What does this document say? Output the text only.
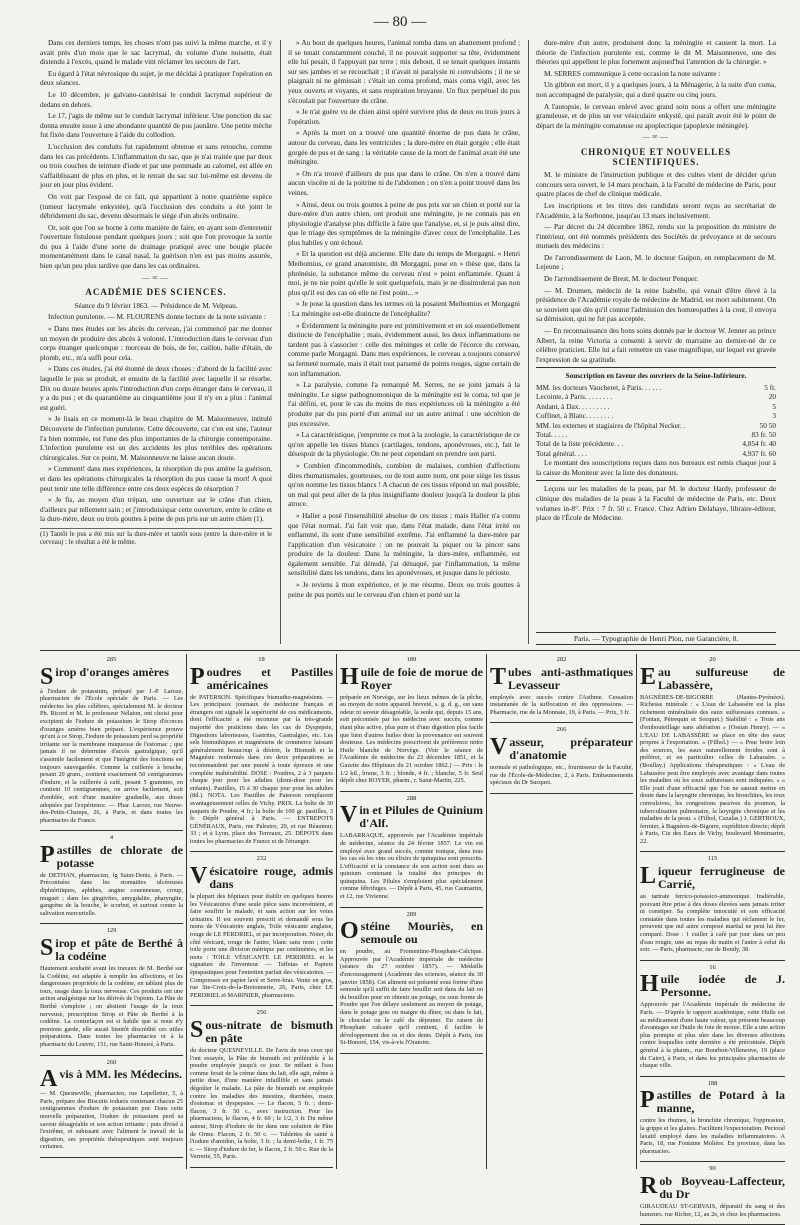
— 80 —

Dans ces derniers temps, les choses n'ont pas suivi la même marche, et il y avait près d'un mois que le sac lacrymal, du volume d'une noisette, était distendu à l'excès, quand le malade vint réclamer les secours de l'art.

Eu égard à l'état névrosique du sujet, je me décidai à pratiquer l'opération en deux séances.

Le 10 décembre, je galvano-cautérisai le conduit lacrymal supérieur de dedans en dehors.

Le 17, j'agis de même sur le conduit lacrymal inférieur. Une ponction du sac donna ensuite issue à une abondante quantité de pus jaunâtre. Une petite mèche fut fixée dans l'ouverture à l'aide du collodion.

L'occlusion des conduits fut rapidement obtenue et sans retouche, comme dans les cas précédents. L'inflammation du sac, que je n'ai traitée que par deux ou trois couches de teinture d'iode et par une pommade au calomel, est allée en s'affaiblissant de plus en plus, et le retrait du sac sur lui-même est devenu de jour en jour plus évident.

On voit par l'exposé de ce fait, qui appartient à notre quatrième espèce (tumeur lacrymale enkystée), qu'à l'occlusion des conduits a été joint le débridement du sac, devenu désormais le siège d'un abcès ordinaire.

Or, soit que l'on se borne à cette manière de faire, en ayant soin d'entretenir l'ouverture fistuleuse pendant quelques jours ; soit que l'on provoque la sortie du pus à l'aide d'une sorte de drainage pratiqué avec une bougie placée momentanément dans le canal nasal, la guérison n'en est pas moins assurée, bien qu'un peu plus tardive que dans les cas ordinaires.

—∞—
ACADÉMIE DES SCIENCES.

Séance du 9 février 1863. — Présidence de M. Velpeau.

Infection purulente. — M. FLOURENS donne lecture de la note suivante :

« Dans mes études sur les abcès du cerveau, j'ai commencé par me donner un moyen de produire des abcès à volonté. L'introduction dans le cerveau d'un corps étranger quelconque : morceau de bois, de fer, caillou, balle d'étain, de plomb, etc., m'a suffi pour cela.

» Dans ces études, j'ai été étonné de deux choses : d'abord de la facilité avec laquelle le pus se produit, et ensuite de la facilité avec laquelle il se résorbe. Dix ou douze heures après l'introduction d'un corps étranger dans le cerveau, il y a du pus ; et du quarantième au cinquantième jour il n'y en a plus : l'animal est guéri.

» Je lisais en ce moment-là le beau chapitre de M. Maisonneuve, intitulé Découverte de l'infection purulente. Cette découverte, car c'en est une, l'auteur l'a bien nommée, est l'une des plus importantes de la chirurgie contemporaine. L'infection purulente est un des accidents les plus terribles des opérations chirurgicales. Sur ce point, M. Maisonneuve ne laisse aucun doute.

» Comment! dans mes expériences, la résorption du pus amène la guérison, et dans les opérations chirurgicales la résorption du pus cause la mort! A quoi peut tenir une telle différence entre ces deux espèces de résorption ?

» Je fis, au moyen d'un trépan, une ouverture sur le crâne d'un chien, d'ailleurs par tellement sain ; et j'introduisispar cette ouverture, entre le crâne et la dure-mère, deux ou trois gouttes à peine de pus pris sur un autre chien (1).

(1) Tantôt le pus a été mis sur la dure-mère et tantôt sous (entre la dure-mère et le cerveau) : le résultat a été le même.

» Au bout de quelques heures, l'animal tomba dans un abattement profond ; il se tenait constamment couché, il ne pouvait supporter sa tête, évidemment elle lui pesait, il l'appuyait par terre ; mis debout, il se tenait quelques instants sur ses jambes et se recouchait ; il n'avait ni paralysie ni convulsions ; il ne se plaignait ni ne gémissait : c'était un coma profond, mais coma vigil, avec les yeux ouverts et voyants, et sans respiration bruyante. Un flux perpétuel du pus s'écoulait par l'ouverture du crâne.

» Je n'ai guère vu de chien ainsi opéré survivre plus de deux ou trois jours à l'opération.

» Après la mort on a trouvé une quantité énorme de pus dans le crâne, autour du cerveau, dans les ventricules ; la dure-mère en était gorgée ; elle était gorgée de pus et de sang : la véritable cause de la mort de l'animal avait été une méningite.

» On n'a trouvé d'ailleurs de pus que dans le crâne. On n'en a trouvé dans aucun viscère ni de la poitrine ni de l'abdomen ; on n'en a point trouvé dans les veines.

» Ainsi, deux ou trois gouttes à peine de pus pris sur un chien et porté sur la dure-mère d'un autre chien, ont produit une méningite, je ne connais pas en physiologie d'analyse plus difficile à faire que l'analyse, et, si je puis ainsi dire, que le triage des symptômes de la méningite d'avec ceux de l'encéphalite. Les plus habiles y ont échoué.

» Et la question est déjà ancienne. Elle date du temps de Morgagni. « Henri Meibomius, ce grand anatomiste, dit Morgagni, pose en » thèse que, dans la phrénésie, la substance même du cerveau n'est » point enflammée. Quant à moi, je ne nie point qu'elle le soit quelquefois, mais je ne dissimulerai pas non plus qu'il est des cas où elle ne l'est point... »

» Je pose la question dans les termes où la posaient Meibomius et Morgagni : La méningite est-elle distincte de l'encéphalite?

» Évidemment la méningite pure est primitivement et en soi essentiellement distincte de l'encéphalite ; mais, évidemment aussi, les deux inflammations ne tardent pas à s'associer : celle des méninges et celle de l'écorce du cerveau, comme parle Morgagni. Dans mes expériences, le cerveau a toujours conservé sa fermeté normale, mais il était tout parsemé de points rouges, signe certain de son inflammation.

» La paralysie, comme l'a remarqué M. Serres, ne se joint jamais à la méningite. Le signe pathognomonique de la méningite est le coma, tel que je l'ai défini, et, pour le cas du moins de mes expériences où la méningite a été produite par du pus porté d'un animal sur un autre animal : une sécrétion de pus excessive.

» La caractéristique, j'emprunte ce mot à la zoologie, la caractéristique de ce qu'on appelle les tissus blancs (cartilages, tendons, aponévroses, etc.), fait le désespoir de la physiologie. On ne peut cependant en prendre son parti.

» Combien d'incommodités, combien de malaises, combien d'affections dites rhumatismales, goutteuses, ou de tout autre nom, ont pour siège les tissus qu'on nomme les tissus blancs ! A chacun de ces tissus répond un mal possible, un mal qui peut aller de la plus insignifiante douleur jusqu'à la douleur la plus atroce.

» Haller a posé l'insensibilité absolue de ces tissus ; mais Haller n'a connu que l'état normal. J'ai fait voir que, dans l'état malade, dans l'état irrité ou enflammé, ils sont d'une sensibilité extrême. J'ai enflammé la dure-mère par l'application d'un vésicatoire : on ne pouvait la piquer ou la pincer sans produire de la douleur. Dans la méningite, la dure-mère, enflammée, est également sensible. J'ai dénudé, j'ai dénaqué, par l'inflammation, la même sensibilité dans les tendons, dans les aponévroses, et jusque dans le périoste.

» Je reviens à mon expérience, et je me résume. Deux ou trois gouttes à peine de pus portés sur le cerveau d'un chien et porté sur la

dure-mère d'un autre, produisent donc la méningite et causent la mort. La théorie de l'infection purulente est, comme le dit M. Maisonneuve, une des théories qui appellent le plus fortement aujourd'hui l'attention de la chirurgie. »

M. SERRES communique à cette occasion la note suivante :

Un gibbon est mort, il y a quelques jours, à la Ménagerie, à la suite d'un coma, non accompagné de paralysie, qui a duré quatre ou cinq jours.

A l'autopsie, le cerveau enlevé avec grand soin nous a offert une méningite granuleuse, et de plus un ver vésiculaire enkysté, qui paraît avoir été le point de départ de la méningite comateuse ou apoplectique (apoplexie méningée).

—∞—
CHRONIQUE ET NOUVELLES SCIENTIFIQUES.

M. le ministre de l'instruction publique et des cultes vient de décider qu'un concours sera ouvert, le 14 mars prochain, à la Faculté de médecine de Paris, pour quatre places de chef de clinique médicale.

Les inscriptions et les titres des candidats seront reçus au secrétariat de l'Académie, à la Sorbonne, jusqu'au 13 mars inclusivement.

— Par décret du 24 décembre 1862, rendu sur la proposition du ministre de l'intérieur, ont été nommés présidents des Sociétés de prévoyance et de secours mutuels des médecins :

De l'arrondissement de Laon, M. le docteur Guipon, en remplacement de M. Lejeune ;

De l'arrondissement de Brest, M. le docteur Penquer.

— M. Drumen, médecin de la reine Isabelle, qui venait d'être élevé à la présidence de l'Académie royale de médecine de Madrid, est mort subitement. On se souvient que dès qu'il connut l'admission des homœopathes à la cour, il envoya sa démission, qui ne fut pas acceptée.

— En reconnaissance des bons soins donnés par le docteur W. Jenner au prince Albert, la reine Victoria a consenti à servir de marraine au dernier-né de ce célèbre praticien. Elle lui a fait remettre un vase magnifique, sur lequel est gravée l'expression de sa gratitude.

Souscription en faveur des ouvriers de la Seine-Inférieure.

MM. les docteurs Vaucheret, à Paris. . . . . .	5 fr.
Lecointe, à Paris. . . . . . . .	20
Andant, à Dax. . . . . . . . .	5
Coffinet, à Blanc. . . . . . . .	3
MM. les externes et stagiaires de l'hôpital Necker. .	50 50
Total. . . . .	83 fr. 50
Total de la liste précédente. . .	4,854 fr. 40
Total général. . . .	4,937 fr. 60

Le montant des souscriptions reçues dans nos bureaux est remis chaque jour à la caisse du Moniteur avec la liste des donateurs.

Leçons sur les maladies de la peau, par M. le docteur Hardy, professeur de clinique des maladies de la peau à la Faculté de médecine de Paris, etc. Deux volumes in-8°. Prix : 7 fr. 50 c. France. Chez Adrien Delahaye, libraire-éditeur, place de l'École de Médecine.

Paris. — Typographie de Henri Plon, rue Garancière, 8.
285
Sirop d'oranges amères
à l'iodure de potassium, préparé par J.-P. Laroze, pharmacien de l'École spéciale de Paris. — Les médecins les plus célèbres, spécialement M. le docteur Ph. Ricord et M. le professeur Nélaton, ont choisi pour excipient de l'iodure de potassium le Sirop d'écorces d'oranges amères bien préparé. L'expérience prouve qu'uni à ce Sirop, l'iodure de potassium perd sa propriété irritante sur la membrane muqueuse de l'estomac ; que jamais il ne détermine d'accès gastralgique, qu'il s'assimile facilement et que l'intégrité des fonctions est toujours sauvegardée. Comme la cuillerée à bouche, pesant 20 gram., contient exactement 50 centigrammes d'iodure, et la cuillerée à café, pesant 5 grammes, en contient 10 centigrammes, on arrive facilement, soit d'emblée, soit d'une manière graduelle, aux doses adoptées par l'expérience. — Phar. Laroze, rue Neuve-des-Petits-Champs, 26, à Paris, et dans toutes les pharmacies de France.
4
Pastilles de chlorate de potasse
de DETHAN, pharmacien, fg Saint-Denis, à Paris. — Préconisées dans les stomatites ulcéreuses diphtéritiques, aphthes, angine couenneuse, croup, muguet ; dans les gingivites, amygdalite, pharyngite, gangrène de la bouche, le scorbut, et surtout contre la salivation mercurielle.
129
Sirop et pâte de Berthé à la codéine
Hautement souhaité avant les travaux de M. Berthé sur la Codéine, est adaptée à remplir les affections, et les dangereuses propriétés de la codéine, en tablant plus de toux, usage dans la toux nerveuse. Ces produits ont une action analgésique sur les dérivés de l'opium. La Pâte de Berthé s'emploie ; on abstient l'usage de la toux nerveuse, prescription Sirop et Pâte de Berthé à la codéine. La contrefaçon est si habile que si nous n'y prenions garde, elle aurait bientôt discrédité ces utiles préparations. Dans toutes les pharmacies et à la pharmacie du Louvre, 151, rue Saint-Honoré, à Paris.
260
Avis à MM. les Médecins.
— M. Quesneville, pharmacien, rue Lepelletier, 5, à Paris, prépare des Biscuits iodurés contenant chacun 25 centigrammes d'iodure de potassium pur. Dans cette nouvelle préparation, l'iodure de potassium perd sa saveur désagréable et son action irritante ; puis divisé à l'extrême, et subissant avec l'aliment le travail de la digestion, ses propriétés thérapeutiques sont toujours certaines.
18
Poudres et Pastilles américaines
de PATERSON. Spécifiques bismutho-magnésiens. — Les principaux journaux de médecine français et étrangers ont signalé la supériorité de ces médicaments, dont l'efficacité a été reconnue par la très-grande majorité des praticiens dans les cas de Dyspepsie, Digestions laborieuses, Gastrites, Gastralgies, etc. Les sels bismuthiques et magnésiens de commerce laissant généralement beaucoup à désirer, le Bismuth et la Magnésie renfermés dans ces deux préparations se recommandent par une pureté à toute épreuve et une complète inaltérabilité. DOSE : Poudres, 2 à 3 paquets chaque jour pour les adultes (demi-dose pour les enfants). Pastilles, 15 à 30 chaque jour pour les adultes (8d.). NOTA. Les Pastilles de Paterson remplacent avantageusement celles de Vichy. PRIX. La boîte de 30 paquets de Poudre, 4 fr.; la boîte de 100 gr. pastilles, 3 fr. Dépôt général à Paris. — ENTREPOTS GÉNÉRAUX, Paris, rue Palestro, 29, et rue Réaumur, 33 ; et à Lyon, place des Terreaux, 25. DÉPOTS dans toutes les pharmacies de France et de l'étranger.
232
Vésicatoire rouge, admis dans
la plupart des hôpitaux pour établir en quelques heures les Vésicatoires d'une seule pièce sans inconvénient, et faire souffrir le malade, et sans action sur les voies urinaires. Il est souvent prescrit et demandé sous les noms de Vésicatoire anglais, Toile vésicante anglaise, rouge de LE PERDRIEL, et par incorporation. Noter, du côté vésicant, rouge de l'autre, blanc sans nom ; cette toile porte une division métrique par centimètres, et les mots : TOILE VÉSICANTE LE PERDRIEL et la signature de l'inventeur. — Taffetas et Papiers épispastiques pour l'entretien parfait des vésicatoires. — Compresses en papier lavé et Serre-bras. Vente en gros, rue Ste-Croix-de-la-Bretonnerie, 26, Paris, chez LE PERDRIEL et MARINIER, pharmaciens.
256
Sous-nitrate de bismuth en pâte
du docteur QUESNEVILLE. De l'avis de tous ceux qui l'ont essayée, la Pâte de bismuth est préférable à la poudre employée jusqu'à ce jour. Se mêlant à l'eau comme ferait de la crème dans du lait, elle agit, même à petite dose, d'une manière infaillible et sans jamais dégoûter le malade. La pâte de bismuth est employée contre les maladies des intestins, diarrhées, maux d'estomac et dyspepsies. — Le flacon, 5 fr. ; demi-flacon, 3 fr. 50 c., avec instruction. Pour les pharmaciens, le flacon, 4 fr. 60 ; le 1/2, 3 fr. Du même auteur, Sirop d'iodure de fer dans une solution de Pâte de Orme. Flacon, 2 fr. 50 c. — Tablettes de santé à l'iodure d'amidon, la boîte, 3 fr. ; la demi-boîte, 1 fr. 75 c. — Sirop d'iodure de fer, le flacon, 2 fr. 50 c. Rue de la Verrerie, 55, Paris.
189
Huile de foie de morue de Royer
préparée en Norvège, sur les lieux mêmes de la pêche, au moyen de notre appareil breveté, s. g. d. g., est sans odeur ni saveur désagréable, la seule qui, depuis 15 ans, soit préconisée par les médecins avec succès, comme étant plus active, plus pure et d'une digestion plus facile que bien d'autres huiles dont la provenance est souvent douteuse. Les médecins prescrivent de préférence notre Huile blanche de Norvège. (Voir le séance de l'Académie de médecine du 23 décembre 1851, et la Gazette des Hôpitaux du 21 octobre 1862.) — Prix : le 1/2 kil., brune, 3 fr. ; blonde, 4 fr. ; blanche, 5 fr. Seul dépôt chez ROYER, pharm., r. Saint-Martin, 225.
288
Vin et Pilules de Quinium d'Alf.
LABARRAQUE, approuvés par l'Académie impériale de médecine, séance du 24 février 1857. Le vin est employé avec grand succès, comme tonique, dans tous les cas où les vins ou élixirs de quinquina sont prescrits. L'efficacité et la constance de son action sont dues au quinium contenant la totalité des principes du quinquina. Les Pilules s'emploient plus spécialement comme fébrifuges. — Dépôt à Paris, 45, rue Caumartin, et 12, rue Vivienne.
289
Ostéine Mouriès, en semoule ou
en poudre, au Fromentine-Phosphate-Calcique. Approuvée par l'Académie impériale de médecine (séance du 27 octobre 1857). — Médaille d'encouragement (Académie des sciences, séance du 30 janvier 1858). Cet aliment est présenté sous forme d'une semoule qu'il suffit de faire bouillir soit dans du lait ou du bouillon pour en obtenir un potage, ou sous forme de Poudre que l'on délaye seulement au moyen de potage, dans le potage gras ou maigre du dîner, ou dans le lait, le chocolat ou le café du déjeuner. En raison du Phosphate calcaire qu'il contient, il facilite le développement des os et des dents. Dépôt à Paris, rue St-Honoré, 154, vis-à-vis l'Oratoire.
282
Tubes anti-asthmatiques Levasseur
employés avec succès contre l'Asthme. Cessation instantanée de la suffocation et des oppressions. — Pharmacie, rue de la Monnaie, 19, à Paris. — Prix, 3 fr.
266
Vasseur, préparateur d'anatomie
normale et pathologique, etc., fournisseur de la Faculté, rue de l'École-de-Médecine, 2, à Paris. Embaumements spéciaux du Dr Sucquet.
20
Eau sulfureuse de Labassère,
BAGNÈRES-DE-BIGORRE (Hautes-Pyrénées). Richesse minérale : « L'eau de Labassère est la plus richement minéralisée des eaux sulfureuses connues. » (Fontan, Pétrequin et Socquet.) Stabilité : « Trois ans d'embouteillage sans altération » (Ossian Henry). — « L'EAU DE LABASSÈRE se place en tête des eaux propres à l'exportation. » (Filhol.) — « Pour boire loin des sources, les eaux naturellement froides sont à préférer, et en particulier celles de Labassère. » (Boullay.) Applications thérapeutiques : « L'eau de Labassère peut être employée avec avantage dans toutes les maladies où les eaux sulfureuses sont indiquées. » « Elle jouit d'une efficacité que l'on ne saurait mettre en doute dans la laryngite chronique, les bronchites, les toux convulsives, les congestions passives du poumon, la tuberculisation pulmonaire, la laryngite chronique et les maladies de la peau. » (Filhol, Cazalas.) J. GERTROUX, fermier, à Bagnères-de-Bigorre, expédition directe; dépôt à Paris, Cie des Eaux de Vichy, boulevard Montmartre, 22.
115
Liqueur ferrugineuse de Carrié,
au tartrate ferrico-potassico-ammonique. Inaltérable, pouvant être prise à des doses élevées sans jamais irriter ni constiper. Sa complète innocuité et son efficacité constatée dans toutes les maladies qui réclament le fer, prouvent que nul autre composé martial ne peut lui être comparé. Dose : 1 cuiller à café par jour dans un peu d'eau rougie, une au repas du matin et l'autre à celui du soir. — Paris, pharmacie, rue de Bondy, 38.
16
Huile iodée de J. Personne.
Approuvée par l'Académie impériale de médecine de Paris. — D'après le rapport académique, cette Huile est au médicament d'une haute valeur, qui présente beaucoup d'avantages sur l'huile de foie de morue. Elle a une action plus prompte et plus sûre dans les diverses affections contre lesquelles cette dernière a été préconisée. Dépôt général à la pharm., rue Bourbon-Villeneuve, 19 (place du Caire), à Paris, et dans les principales pharmacies de chaque ville.
188
Pastilles de Potard à la manne,
contre les rhumes, la bronchite chronique, l'oppression, la grippe et les glaires. Facilitent l'expectoration. Pectoral laxatif employé dans les maladies inflammatoires. A Paris, 18, rue Fontaine Molière. En province, dans les pharmacies.
90
Rob Boyveau-Laffecteur, du Dr
GIRAUDEAU ST-GERVAIS, dépuratif du sang et des humeurs. rue Richer, 12, au 2e, et chez les pharmaciens.
